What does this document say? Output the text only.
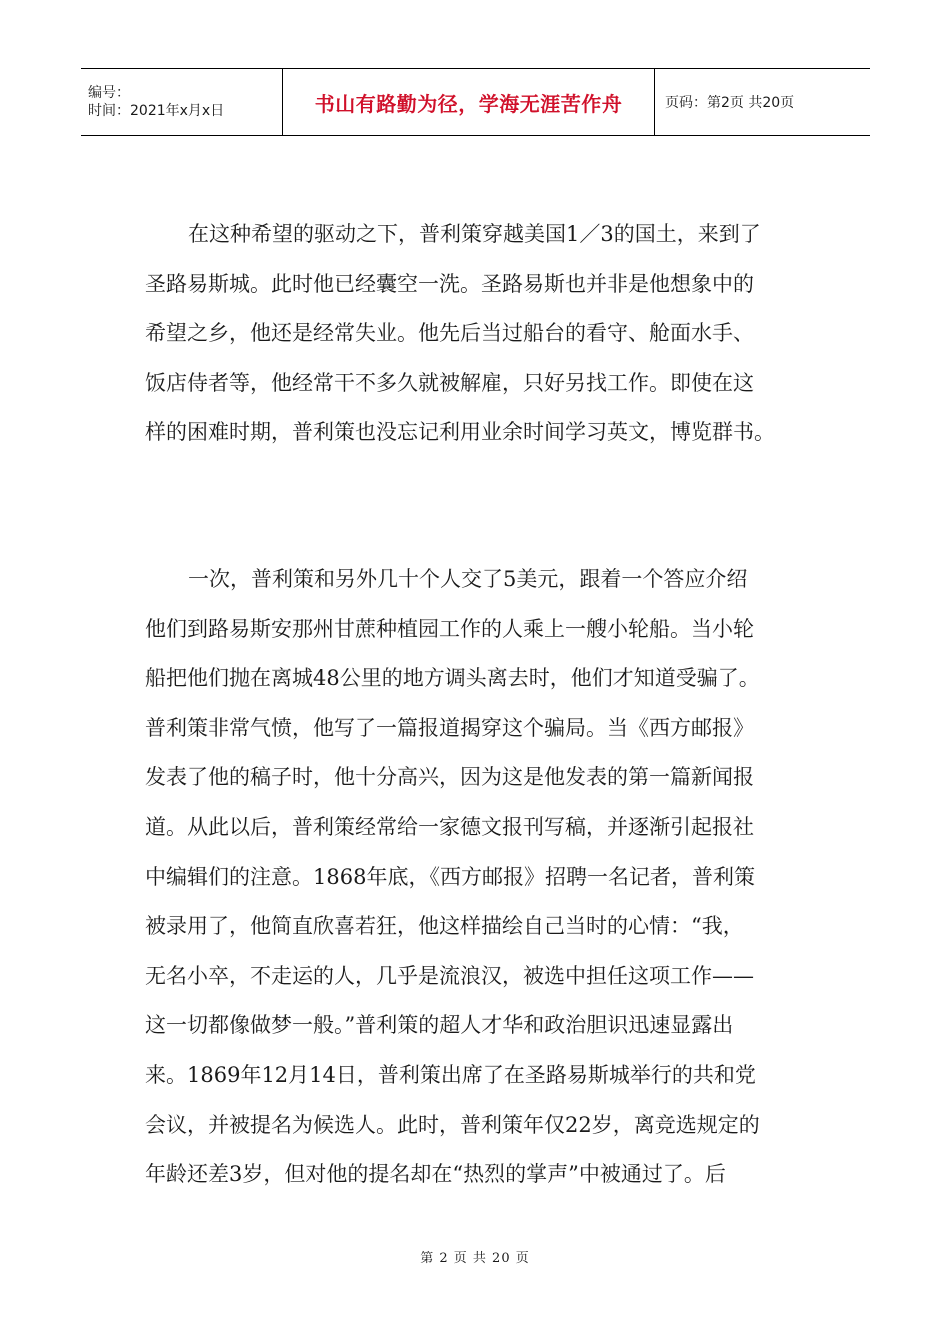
编号：
时间：2021年x月x日	书山有路勤为径，学海无涯苦作舟	页码：第2页 共20页

在这种希望的驱动之下，普利策穿越美国1／3的国土，来到了
圣路易斯城。此时他已经囊空一洗。圣路易斯也并非是他想象中的
希望之乡，他还是经常失业。他先后当过船台的看守、舱面水手、
饭店侍者等，他经常干不多久就被解雇，只好另找工作。即使在这
样的困难时期，普利策也没忘记利用业余时间学习英文，博览群书。

一次，普利策和另外几十个人交了5美元，跟着一个答应介绍
他们到路易斯安那州甘蔗种植园工作的人乘上一艘小轮船。当小轮
船把他们抛在离城48公里的地方调头离去时，他们才知道受骗了。
普利策非常气愤，他写了一篇报道揭穿这个骗局。当《西方邮报》
发表了他的稿子时，他十分高兴，因为这是他发表的第一篇新闻报
道。从此以后，普利策经常给一家德文报刊写稿，并逐渐引起报社
中编辑们的注意。1868年底，《西方邮报》招聘一名记者，普利策
被录用了，他简直欣喜若狂，他这样描绘自己当时的心情：“我，
无名小卒，不走运的人，几乎是流浪汉，被选中担任这项工作——
这一切都像做梦一般。”普利策的超人才华和政治胆识迅速显露出
来。1869年12月14日，普利策出席了在圣路易斯城举行的共和党
会议，并被提名为候选人。此时，普利策年仅22岁，离竞选规定的
年龄还差3岁，但对他的提名却在“热烈的掌声”中被通过了。后

第 2 页 共 20 页
